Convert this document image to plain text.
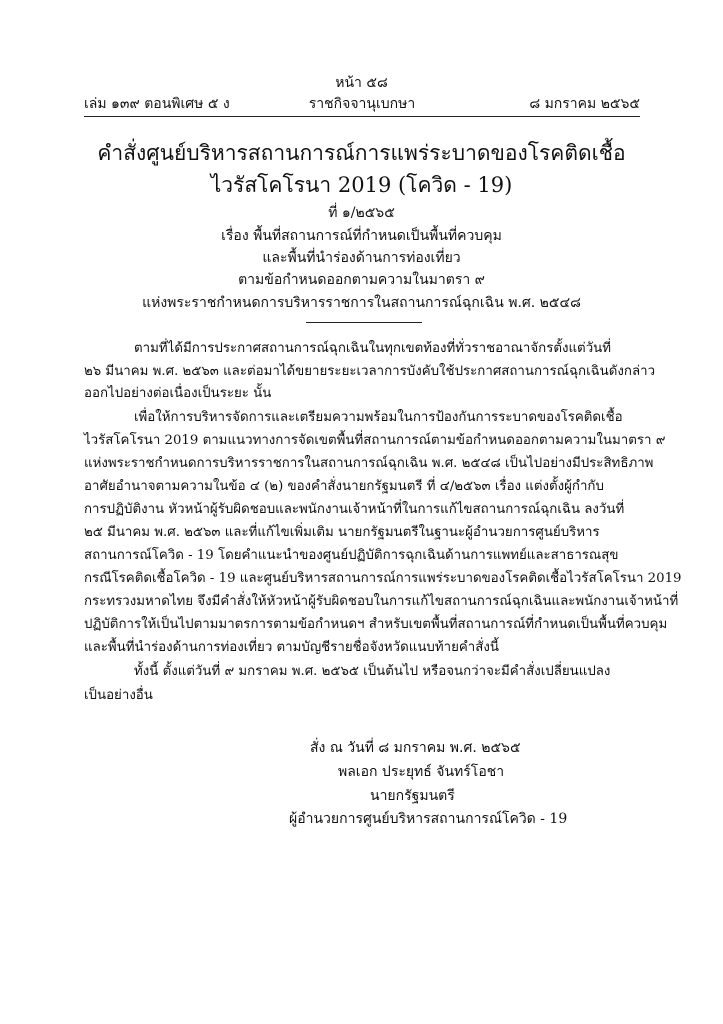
หน้า ๕๘
เล่ม ๑๓๙ ตอนพิเศษ ๕ ง	ราชกิจจานุเบกษา	๘ มกราคม ๒๕๖๕
คำสั่งศูนย์บริหารสถานการณ์การแพร่ระบาดของโรคติดเชื้อ
ไวรัสโคโรนา 2019 (โควิด - 19)
ที่ ๑/๒๕๖๕
เรื่อง พื้นที่สถานการณ์ที่กำหนดเป็นพื้นที่ควบคุม
และพื้นที่นำร่องด้านการท่องเที่ยว
ตามข้อกำหนดออกตามความในมาตรา ๙
แห่งพระราชกำหนดการบริหารราชการในสถานการณ์ฉุกเฉิน พ.ศ. ๒๕๔๘
ตามที่ได้มีการประกาศสถานการณ์ฉุกเฉินในทุกเขตท้องที่ทั่วราชอาณาจักรตั้งแต่วันที่
๒๖ มีนาคม พ.ศ. ๒๕๖๓ และต่อมาได้ขยายระยะเวลาการบังคับใช้ประกาศสถานการณ์ฉุกเฉินดังกล่าว
ออกไปอย่างต่อเนื่องเป็นระยะ นั้น
เพื่อให้การบริหารจัดการและเตรียมความพร้อมในการป้องกันการระบาดของโรคติดเชื้อ
ไวรัสโคโรนา 2019 ตามแนวทางการจัดเขตพื้นที่สถานการณ์ตามข้อกำหนดออกตามความในมาตรา ๙
แห่งพระราชกำหนดการบริหารราชการในสถานการณ์ฉุกเฉิน พ.ศ. ๒๕๔๘ เป็นไปอย่างมีประสิทธิภาพ
อาศัยอำนาจตามความในข้อ ๔ (๒) ของคำสั่งนายกรัฐมนตรี ที่ ๔/๒๕๖๓ เรื่อง แต่งตั้งผู้กำกับ
การปฏิบัติงาน หัวหน้าผู้รับผิดชอบและพนักงานเจ้าหน้าที่ในการแก้ไขสถานการณ์ฉุกเฉิน ลงวันที่
๒๕ มีนาคม พ.ศ. ๒๕๖๓ และที่แก้ไขเพิ่มเติม นายกรัฐมนตรีในฐานะผู้อำนวยการศูนย์บริหาร
สถานการณ์โควิด - 19 โดยคำแนะนำของศูนย์ปฏิบัติการฉุกเฉินด้านการแพทย์และสาธารณสุข
กรณีโรคติดเชื้อโควิด - 19 และศูนย์บริหารสถานการณ์การแพร่ระบาดของโรคติดเชื้อไวรัสโคโรนา 2019
กระทรวงมหาดไทย จึงมีคำสั่งให้หัวหน้าผู้รับผิดชอบในการแก้ไขสถานการณ์ฉุกเฉินและพนักงานเจ้าหน้าที่
ปฏิบัติการให้เป็นไปตามมาตรการตามข้อกำหนดฯ สำหรับเขตพื้นที่สถานการณ์ที่กำหนดเป็นพื้นที่ควบคุม
และพื้นที่นำร่องด้านการท่องเที่ยว ตามบัญชีรายชื่อจังหวัดแนบท้ายคำสั่งนี้
ทั้งนี้ ตั้งแต่วันที่ ๙ มกราคม พ.ศ. ๒๕๖๕ เป็นต้นไป หรือจนกว่าจะมีคำสั่งเปลี่ยนแปลง
เป็นอย่างอื่น
สั่ง ณ วันที่ ๘ มกราคม พ.ศ. ๒๕๖๕
พลเอก ประยุทธ์ จันทร์โอชา
นายกรัฐมนตรี
ผู้อำนวยการศูนย์บริหารสถานการณ์โควิด - 19
